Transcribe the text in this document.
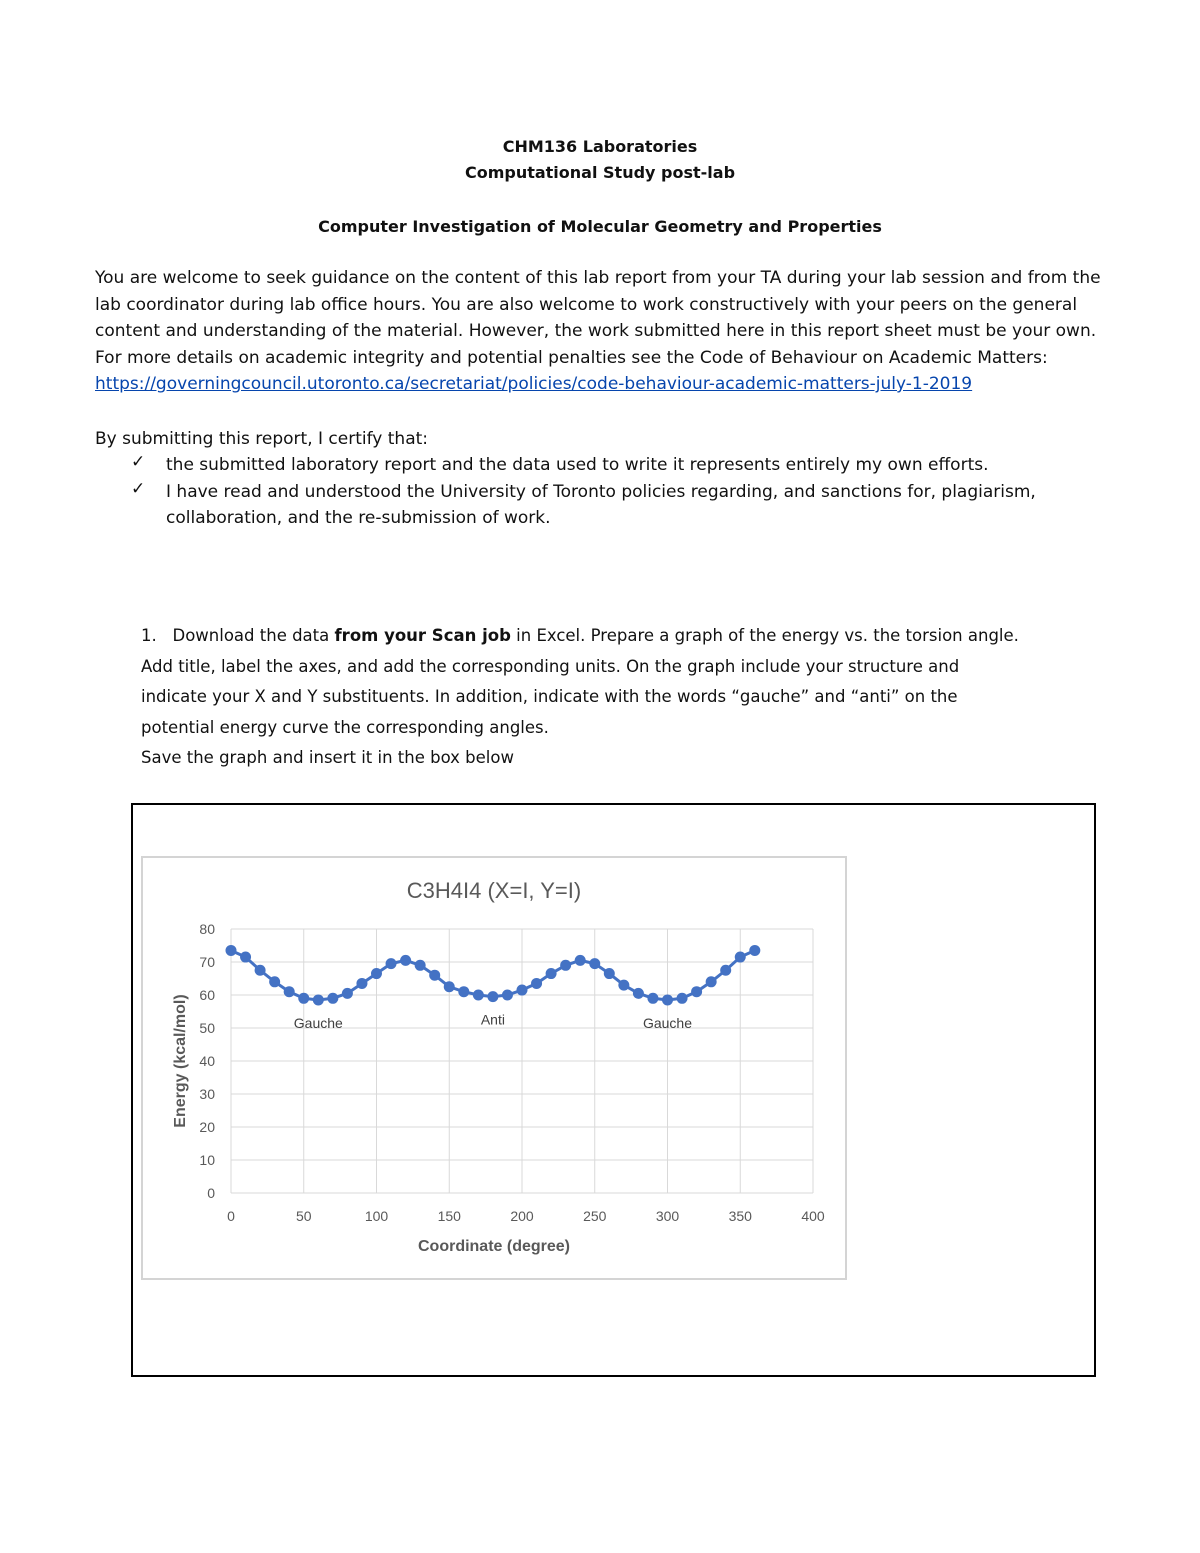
CHM136 Laboratories
Computational Study post-lab
Computer Investigation of Molecular Geometry and Properties
You are welcome to seek guidance on the content of this lab report from your TA during your lab session and from the lab coordinator during lab office hours. You are also welcome to work constructively with your peers on the general content and understanding of the material. However, the work submitted here in this report sheet must be your own. For more details on academic integrity and potential penalties see the Code of Behaviour on Academic Matters: https://governingcouncil.utoronto.ca/secretariat/policies/code-behaviour-academic-matters-july-1-2019
By submitting this report, I certify that:
✓ the submitted laboratory report and the data used to write it represents entirely my own efforts.
✓ I have read and understood the University of Toronto policies regarding, and sanctions for, plagiarism, collaboration, and the re-submission of work.
1. Download the data from your Scan job in Excel. Prepare a graph of the energy vs. the torsion angle.
Add title, label the axes, and add the corresponding units. On the graph include your structure and
indicate your X and Y substituents. In addition, indicate with the words “gauche” and “anti” on the
potential energy curve the corresponding angles.
Save the graph and insert it in the box below
C3H4I4 (X=I, Y=I)
0
10
20
30
40
50
60
70
80
0	50	100	150	200	250	300	350	400
Coordinate (degree)
Energy (kcal/mol)	Gauche	Anti	Gauche
